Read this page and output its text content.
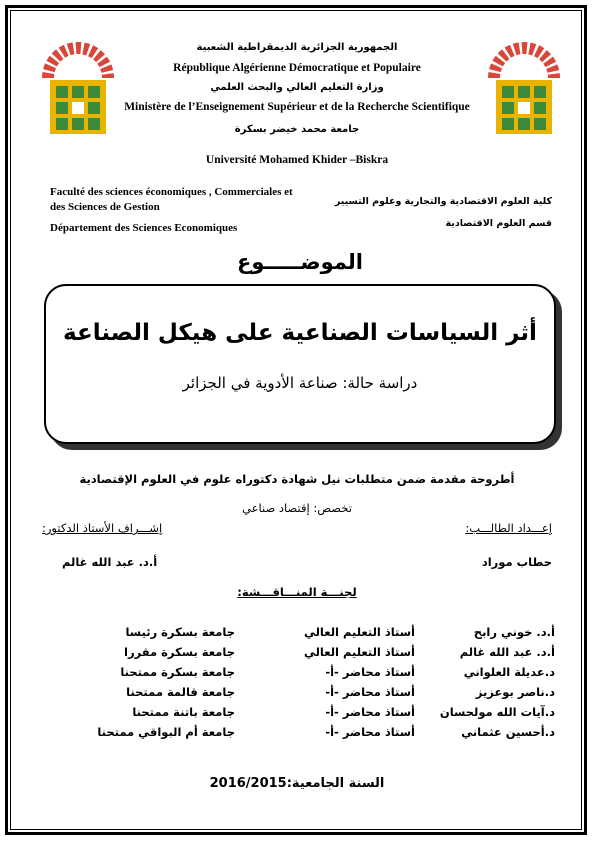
الجمهورية الجزائرية الديمقراطية الشعبية
République Algérienne Démocratique et Populaire
وزارة التعليم العالي والبحث العلمي
Ministère de l’Enseignement Supérieur et de la Recherche Scientifique
جامعة محمد خيضر بسكرة
Université Mohamed Khider –Biskra
Faculté des sciences économiques , Commerciales et
des Sciences de Gestion
Département des Sciences Economiques
كلية العلوم الاقتصادية والتجارية وعلوم التسيير
قسم العلوم الاقتصادية
الموضـــــوع
أثر السياسات الصناعية على هيكل الصناعة
دراسة حالة: صناعة الأدوية في الجزائر
أطروحة مقدمة ضمن متطلبات نيل شهادة دكتوراه علوم في العلوم الإقتصادية
تخصص: إقتصاد صناعي
إعـــداد الطالـــب:
إشـــراف الأستاذ الدكتور:
حطاب موراد
أ.د. عبد الله غالم
لجنـــة المنـــاقـــشة:
أ.د. خوني رابح
أستاذ التعليم العالي
جامعة بسكرة رئيسا
أ.د. عبد الله غالم
أستاذ التعليم العالي
جامعة بسكرة مقررا
د.عديلة العلواني
أستاذ محاضر -أ-
جامعة بسكرة ممتحنا
د.ناصر بوعزيز
أستاذ محاضر -أ-
جامعة قالمة ممتحنا
د.آيات الله مولحسان
أستاذ محاضر -أ-
جامعة باتنة ممتحنا
د.أحسين عثماني
أستاذ محاضر -أ-
جامعة أم البواقي ممتحنا
السنة الجامعية:2016/2015
